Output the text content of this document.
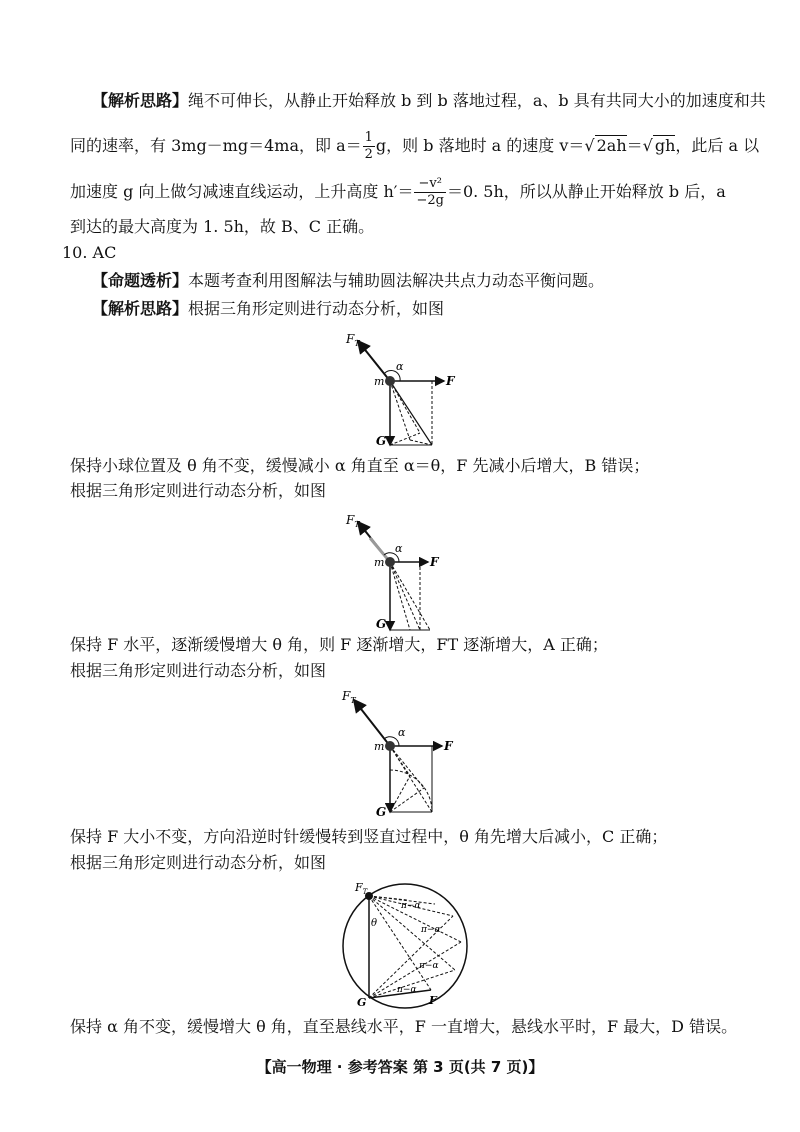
【解析思路】绳不可伸长，从静止开始释放 b 到 b 落地过程，a、b 具有共同大小的加速度和共
同的速率，有 3mg－mg＝4ma，即 $a= \frac{1}{2}$ g，则 b 落地时 a 的速度 v＝√ 2ah＝√ gh，此后 a 以
加速度 g 向上做匀减速直线运动，上升高度 $h'= \frac{\text{−v²}}{-2g} =0$. 5h，所以从静止开始释放 b 后，a
到达的最大高度为 1. 5h，故 B、C 正确。
10. AC
【命题透析】本题考查利用图解法与辅助圆法解决共点力动态平衡问题。
【解析思路】根据三角形定则进行动态分析，如图
$F_T$
α
m	F
G
保持小球位置及 θ 角不变，缓慢减小 α 角直至 α＝θ，F 先减小后增大，B 错误；
根据三角形定则进行动态分析，如图
$F_T$
α
m	F
G
保持 F 水平，逐渐缓慢增大 θ 角，则 F 逐渐增大，FT 逐渐增大，A 正确；
根据三角形定则进行动态分析，如图
$F_T$
α
m	F
G
保持 F 大小不变，方向沿逆时针缓慢转到竖直过程中，θ 角先增大后减小，C 正确；
根据三角形定则进行动态分析，如图
$F_T$
θ
G	F
π−α
π−α
π−α
π−α
保持 α 角不变，缓慢增大 θ 角，直至悬线水平，F 一直增大，悬线水平时，F 最大，D 错误。
【高一物理 · 参考答案 第 3 页(共 7 页)】
